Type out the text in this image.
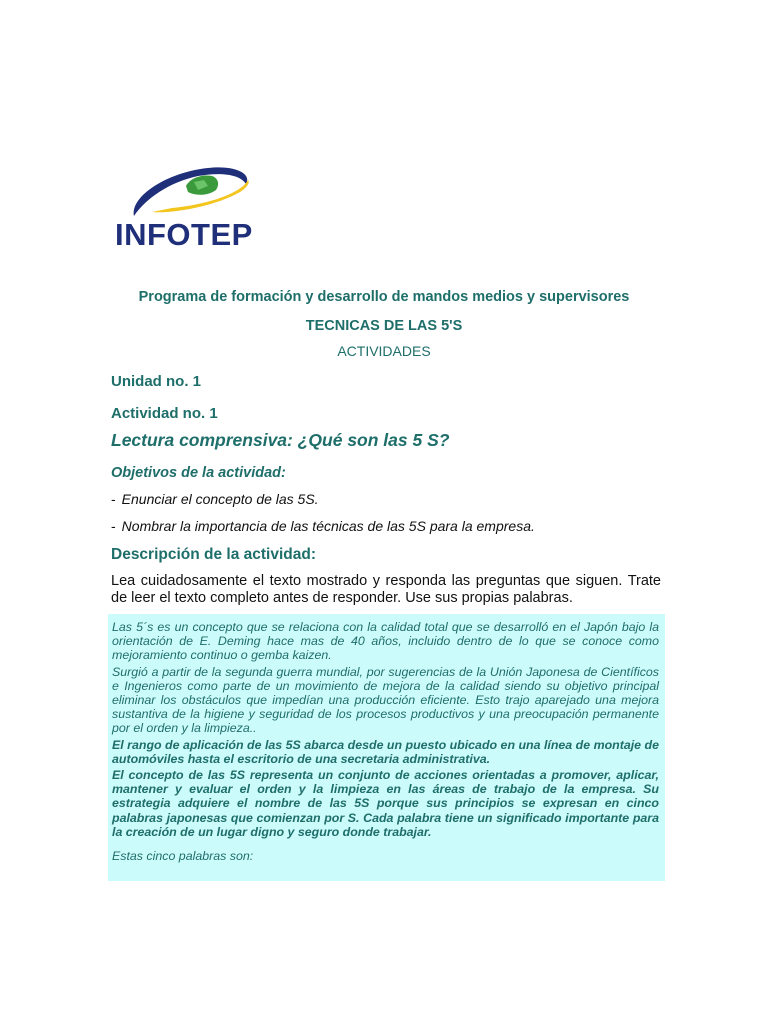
INFOTEP
Programa de formación y desarrollo de mandos medios y supervisores
TECNICAS DE LAS 5'S
ACTIVIDADES
Unidad no. 1
Actividad no. 1
Lectura comprensiva: ¿Qué son las 5 S?
Objetivos de la actividad:
- Enunciar el concepto de las 5S.
- Nombrar la importancia de las técnicas de las 5S para la empresa.
Descripción de la actividad:
Lea cuidadosamente el texto mostrado y responda las preguntas que siguen. Trate de leer el texto completo antes de responder. Use sus propias palabras.

Las 5´s es un concepto que se relaciona con la calidad total que se desarrolló en el Japón bajo la orientación de E. Deming hace mas de 40 años, incluido dentro de lo que se conoce como mejoramiento continuo o gemba kaizen.

Surgió a partir de la segunda guerra mundial, por sugerencias de la Unión Japonesa de Científicos e Ingenieros como parte de un movimiento de mejora de la calidad siendo su objetivo principal eliminar los obstáculos que impedían una producción eficiente. Esto trajo aparejado una mejora sustantiva de la higiene y seguridad de los procesos productivos y una preocupación permanente por el orden y la limpieza..

El rango de aplicación de las 5S abarca desde un puesto ubicado en una línea de montaje de automóviles hasta el escritorio de una secretaria administrativa.

El concepto de las 5S representa un conjunto de acciones orientadas a promover, aplicar, mantener y evaluar el orden y la limpieza en las áreas de trabajo de la empresa. Su estrategia adquiere el nombre de las 5S porque sus principios se expresan en cinco palabras japonesas que comienzan por S. Cada palabra tiene un significado importante para la creación de un lugar digno y seguro donde trabajar.

Estas cinco palabras son:
